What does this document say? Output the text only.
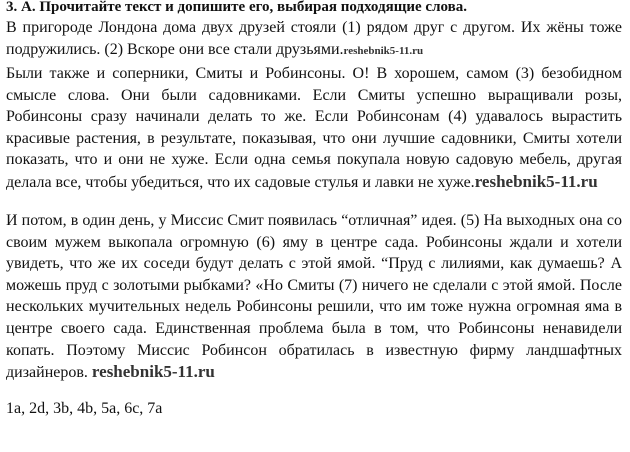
3. А. Прочитайте текст и допишите его, выбирая подходящие слова.

В пригороде Лондона дома двух друзей стояли (1) рядом друг с другом. Их жёны тоже подружились. (2) Вскоре они все стали друзьями.reshebnik5-11.ru

Были также и соперники, Смиты и Робинсоны. О! В хорошем, самом (3) безобидном смысле слова. Они были садовниками. Если Смиты успешно выращивали розы, Робинсоны сразу начинали делать то же. Если Робинсонам (4) удавалось вырастить красивые растения, в результате, показывая, что они лучшие садовники, Смиты хотели показать, что и они не хуже. Если одна семья покупала новую садовую мебель, другая делала все, чтобы убедиться, что их садовые стулья и лавки не хуже.reshebnik5-11.ru

И потом, в один день, у Миссис Смит появилась “отличная” идея. (5) На выходных она со своим мужем выкопала огромную (6) яму в центре сада. Робинсоны ждали и хотели увидеть, что же их соседи будут делать с этой ямой. “Пруд с лилиями, как думаешь? А можешь пруд с золотыми рыбками? «Но Смиты (7) ничего не сделали с этой ямой. После нескольких мучительных недель Робинсоны решили, что им тоже нужна огромная яма в центре своего сада. Единственная проблема была в том, что Робинсоны ненавидели копать. Поэтому Миссис Робинсон обратилась в известную фирму ландшафтных дизайнеров. reshebnik5-11.ru

1a, 2d, 3b, 4b, 5a, 6c, 7a
